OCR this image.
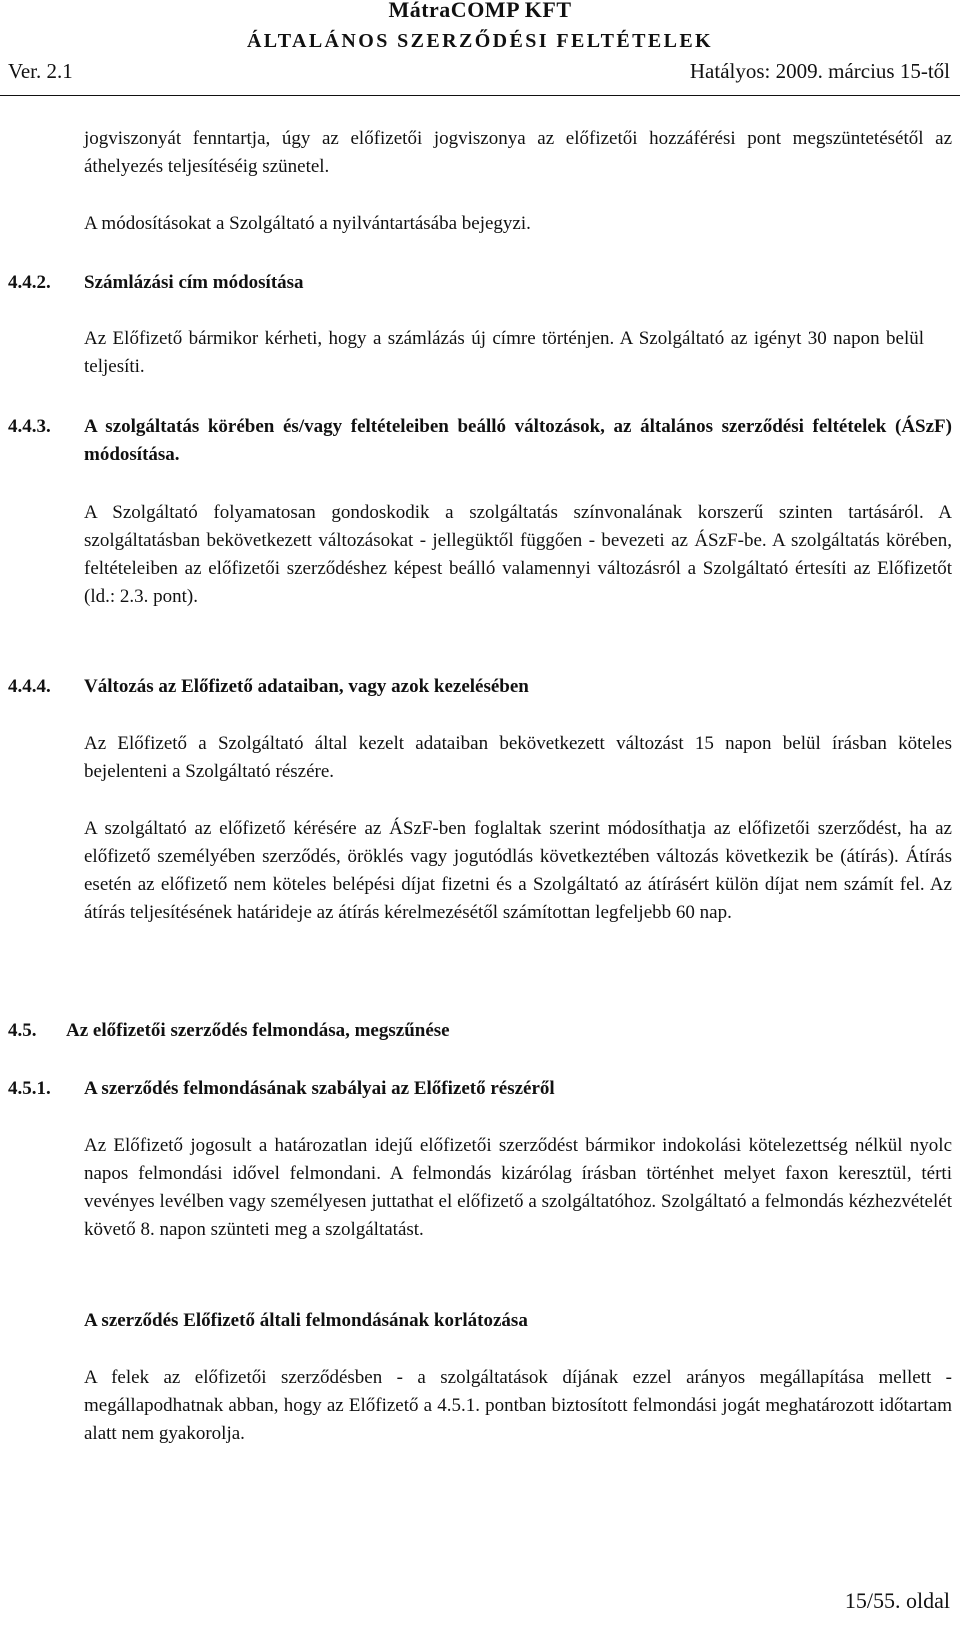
MátraCOMP KFT
ÁLTALÁNOS SZERZŐDÉSI FELTÉTELEK
Ver. 2.1	Hatályos: 2009. március 15-től

jogviszonyát fenntartja, úgy az előfizetői jogviszonya az előfizetői hozzáférési pont megszüntetésétől az áthelyezés teljesítéséig szünetel.

A módosításokat a Szolgáltató a nyilvántartásába bejegyzi.

4.4.2. Számlázási cím módosítása

Az Előfizető bármikor kérheti, hogy a számlázás új címre történjen. A Szolgáltató az igényt 30 napon belül teljesíti.

4.4.3.	A szolgáltatás körében és/vagy feltételeiben beálló változások, az általános szerződési feltételek (ÁSzF) módosítása.

A Szolgáltató folyamatosan gondoskodik a szolgáltatás színvonalának korszerű szinten tartásáról. A szolgáltatásban bekövetkezett változásokat - jellegüktől függően - bevezeti az ÁSzF-be. A szolgáltatás körében, feltételeiben az előfizetői szerződéshez képest beálló valamennyi változásról a Szolgáltató értesíti az Előfizetőt (ld.: 2.3. pont).

4.4.4. Változás az Előfizető adataiban, vagy azok kezelésében

Az Előfizető a Szolgáltató által kezelt adataiban bekövetkezett változást 15 napon belül írásban köteles bejelenteni a Szolgáltató részére.

A szolgáltató az előfizető kérésére az ÁSzF-ben foglaltak szerint módosíthatja az előfizetői szerződést, ha az előfizető személyében szerződés, öröklés vagy jogutódlás következtében változás következik be (átírás). Átírás esetén az előfizető nem köteles belépési díjat fizetni és a Szolgáltató az átírásért külön díjat nem számít fel. Az átírás teljesítésének határideje az átírás kérelmezésétől számítottan legfeljebb 60 nap.

4.5. Az előfizetői szerződés felmondása, megszűnése
4.5.1. A szerződés felmondásának szabályai az Előfizető részéről

Az Előfizető jogosult a határozatlan idejű előfizetői szerződést bármikor indokolási kötelezettség nélkül nyolc napos felmondási idővel felmondani. A felmondás kizárólag írásban történhet melyet faxon keresztül, térti vevényes levélben vagy személyesen juttathat el előfizető a szolgáltatóhoz. Szolgáltató a felmondás kézhezvételét követő 8. napon szünteti meg a szolgáltatást.

A szerződés Előfizető általi felmondásának korlátozása

A felek az előfizetői szerződésben - a szolgáltatások díjának ezzel arányos megállapítása mellett - megállapodhatnak abban, hogy az Előfizető a 4.5.1. pontban biztosított felmondási jogát meghatározott időtartam alatt nem gyakorolja.

15/55. oldal
